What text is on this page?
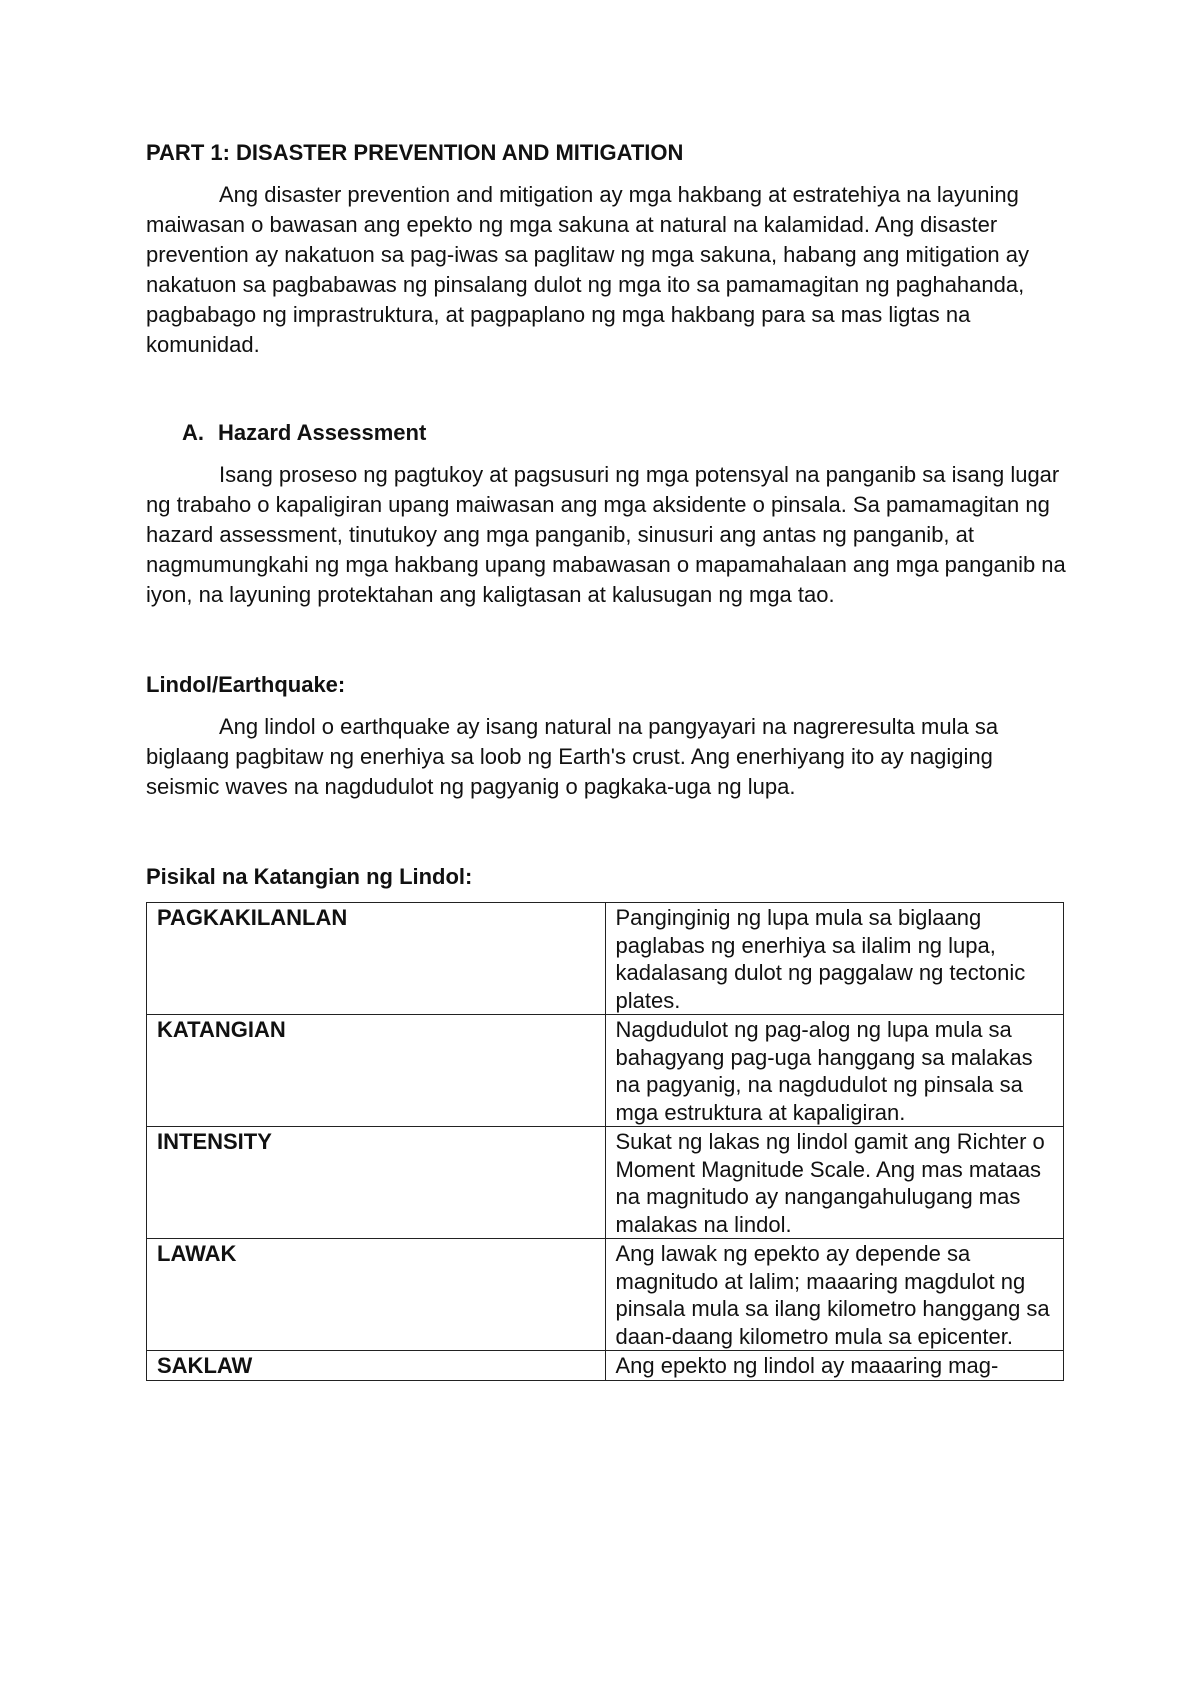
PART 1: DISASTER PREVENTION AND MITIGATION

Ang disaster prevention and mitigation ay mga hakbang at estratehiya na layuning maiwasan o bawasan ang epekto ng mga sakuna at natural na kalamidad. Ang disaster prevention ay nakatuon sa pag-iwas sa paglitaw ng mga sakuna, habang ang mitigation ay nakatuon sa pagbabawas ng pinsalang dulot ng mga ito sa pamamagitan ng paghahanda, pagbabago ng imprastruktura, at pagpaplano ng mga hakbang para sa mas ligtas na komunidad.

A. Hazard Assessment

Isang proseso ng pagtukoy at pagsusuri ng mga potensyal na panganib sa isang lugar ng trabaho o kapaligiran upang maiwasan ang mga aksidente o pinsala. Sa pamamagitan ng hazard assessment, tinutukoy ang mga panganib, sinusuri ang antas ng panganib, at nagmumungkahi ng mga hakbang upang mabawasan o mapamahalaan ang mga panganib na iyon, na layuning protektahan ang kaligtasan at kalusugan ng mga tao.

Lindol/Earthquake:

Ang lindol o earthquake ay isang natural na pangyayari na nagreresulta mula sa biglaang pagbitaw ng enerhiya sa loob ng Earth's crust. Ang enerhiyang ito ay nagiging seismic waves na nagdudulot ng pagyanig o pagkaka-uga ng lupa.

Pisikal na Katangian ng Lindol:

PAGKAKILANLAN	Panginginig ng lupa mula sa biglaang paglabas ng enerhiya sa ilalim ng lupa, kadalasang dulot ng paggalaw ng tectonic plates.
KATANGIAN	Nagdudulot ng pag-alog ng lupa mula sa bahagyang pag-uga hanggang sa malakas na pagyanig, na nagdudulot ng pinsala sa mga estruktura at kapaligiran.
INTENSITY	Sukat ng lakas ng lindol gamit ang Richter o Moment Magnitude Scale. Ang mas mataas na magnitudo ay nangangahulugang mas malakas na lindol.
LAWAK	Ang lawak ng epekto ay depende sa magnitudo at lalim; maaaring magdulot ng pinsala mula sa ilang kilometro hanggang sa daan-daang kilometro mula sa epicenter.
SAKLAW	Ang epekto ng lindol ay maaaring mag-
